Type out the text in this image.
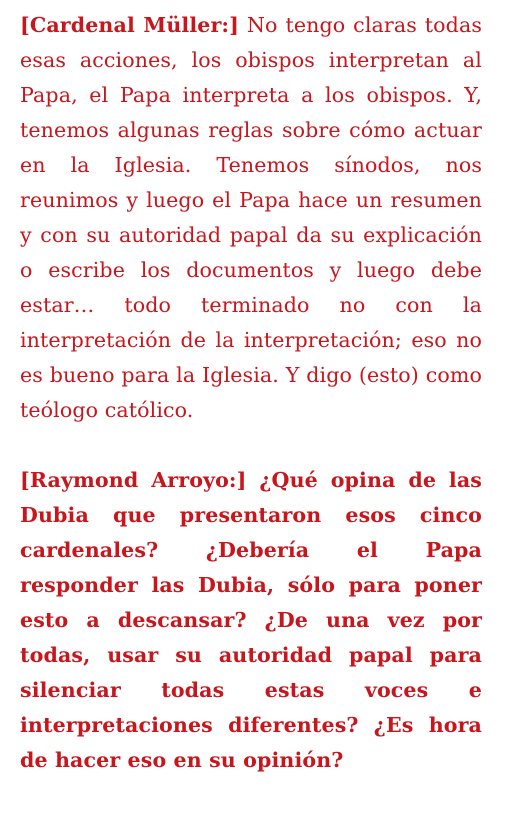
[Cardenal Müller:] No tengo claras todas esas acciones, los obispos interpretan al Papa, el Papa interpreta a los obispos. Y, tenemos algunas reglas sobre cómo actuar en la Iglesia. Tenemos sínodos, nos reunimos y luego el Papa hace un resumen y con su autoridad papal da su explicación o escribe los documentos y luego debe estar… todo terminado no con la interpretación de la interpretación; eso no es bueno para la Iglesia. Y digo (esto) como teólogo católico.

[Raymond Arroyo:] ¿Qué opina de las Dubia que presentaron esos cinco cardenales? ¿Debería el Papa responder las Dubia, sólo para poner esto a descansar? ¿De una vez por todas, usar su autoridad papal para silenciar todas estas voces e interpretaciones diferentes? ¿Es hora de hacer eso en su opinión?
